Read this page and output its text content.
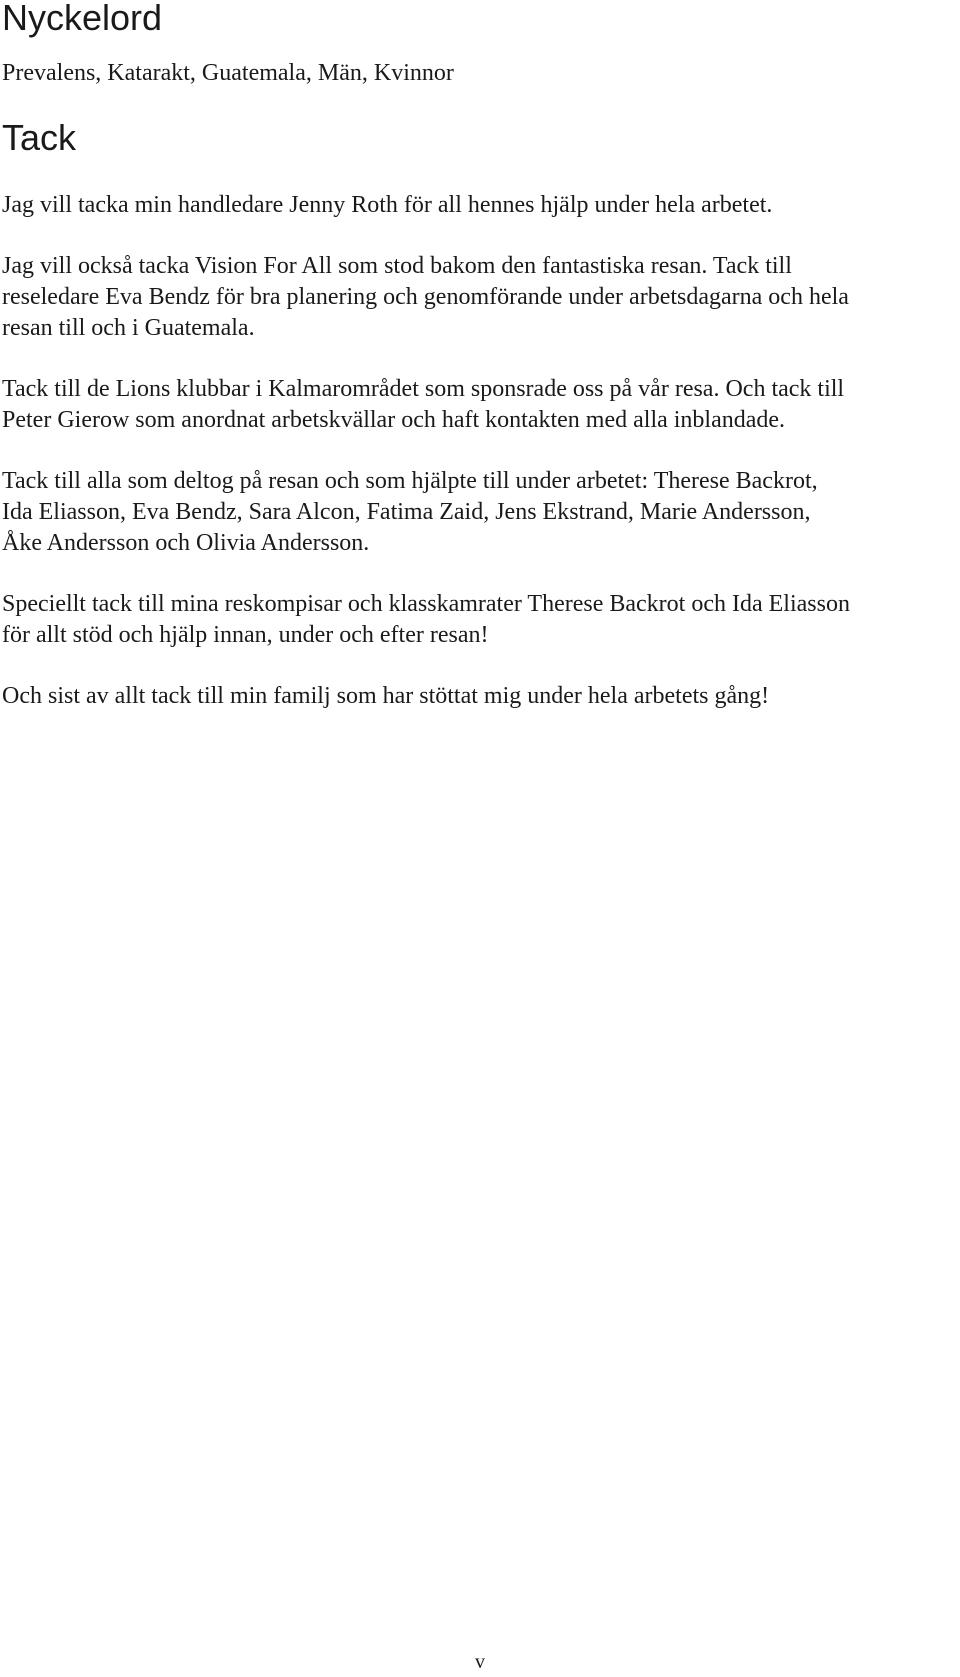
Nyckelord

Prevalens, Katarakt, Guatemala, Män, Kvinnor

Tack

Jag vill tacka min handledare Jenny Roth för all hennes hjälp under hela arbetet.

Jag vill också tacka Vision For All som stod bakom den fantastiska resan. Tack till
reseledare Eva Bendz för bra planering och genomförande under arbetsdagarna och hela
resan till och i Guatemala.

Tack till de Lions klubbar i Kalmarområdet som sponsrade oss på vår resa. Och tack till
Peter Gierow som anordnat arbetskvällar och haft kontakten med alla inblandade.

Tack till alla som deltog på resan och som hjälpte till under arbetet: Therese Backrot,
Ida Eliasson, Eva Bendz, Sara Alcon, Fatima Zaid, Jens Ekstrand, Marie Andersson,
Åke Andersson och Olivia Andersson.

Speciellt tack till mina reskompisar och klasskamrater Therese Backrot och Ida Eliasson
för allt stöd och hjälp innan, under och efter resan!

Och sist av allt tack till min familj som har stöttat mig under hela arbetets gång!

v
